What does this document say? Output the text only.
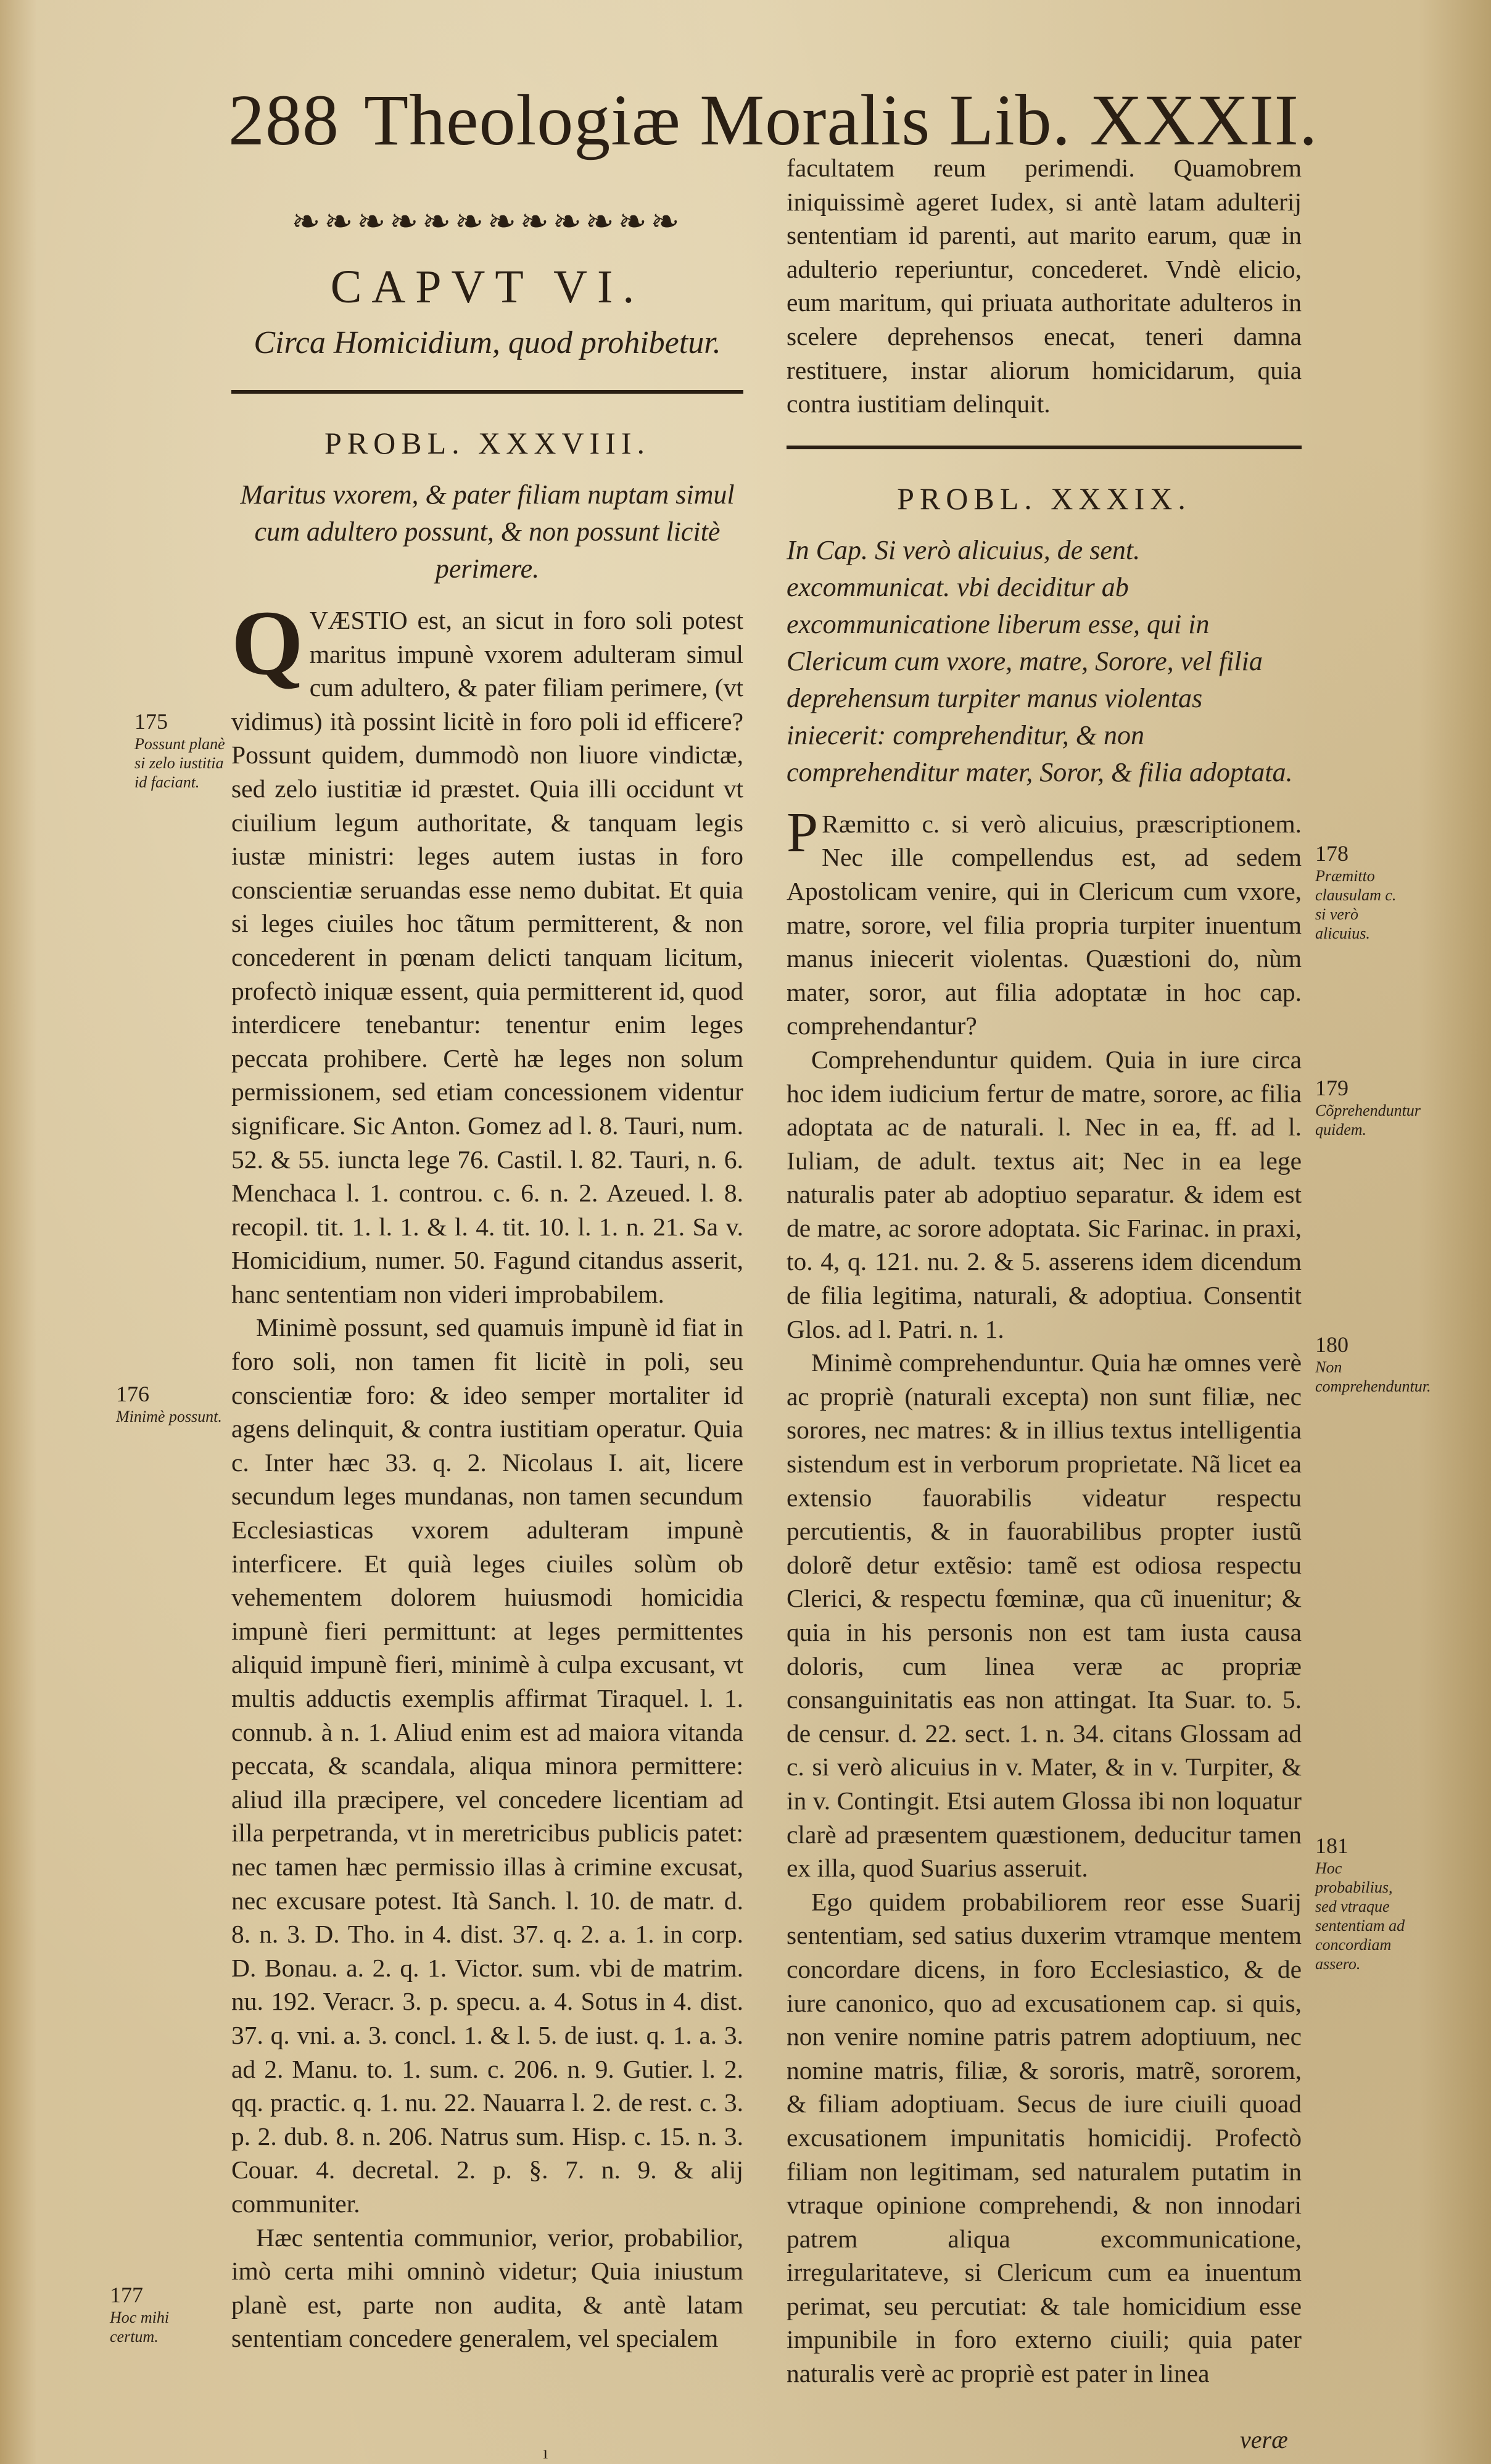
288 Theologiæ Moralis Lib. XXXII.
❧❧❧❧❧❧❧❧❧❧❧❧
CAPVT VI.
Circa Homicidium, quod prohibetur.
PROBL. XXXVIII.
Maritus vxorem, & pater filiam nuptam simul cum adultero possunt, & non possunt licitè perimere.

QVÆSTIO est, an sicut in foro soli potest maritus impunè vxorem adulteram simul cum adultero, & pater filiam perimere, (vt vidimus) ità possint licitè in foro poli id efficere? Possunt quidem, dummodò non liuore vindictæ, sed zelo iustitiæ id præstet. Quia illi occidunt vt ciuilium legum authoritate, & tanquam legis iustæ ministri: leges autem iustas in foro conscientiæ seruandas esse nemo dubitat. Et quia si leges ciuiles hoc tãtum permitterent, & non concederent in pœnam delicti tanquam licitum, profectò iniquæ essent, quia permitterent id, quod interdicere tenebantur: tenentur enim leges peccata prohibere. Certè hæ leges non solum permissionem, sed etiam concessionem videntur significare. Sic Anton. Gomez ad l. 8. Tauri, num. 52. & 55. iuncta lege 76. Castil. l. 82. Tauri, n. 6. Menchaca l. 1. controu. c. 6. n. 2. Azeued. l. 8. recopil. tit. 1. l. 1. & l. 4. tit. 10. l. 1. n. 21. Sa v. Homicidium, numer. 50. Fagund citandus asserit, hanc sententiam non videri improbabilem.

Minimè possunt, sed quamuis impunè id fiat in foro soli, non tamen fit licitè in poli, seu conscientiæ foro: & ideo semper mortaliter id agens delinquit, & contra iustitiam operatur. Quia c. Inter hæc 33. q. 2. Nicolaus I. ait, licere secundum leges mundanas, non tamen secundum Ecclesiasticas vxorem adulteram impunè interficere. Et quià leges ciuiles solùm ob vehementem dolorem huiusmodi homicidia impunè fieri permittunt: at leges permittentes aliquid impunè fieri, minimè à culpa excusant, vt multis adductis exemplis affirmat Tiraquel. l. 1. connub. à n. 1. Aliud enim est ad maiora vitanda peccata, & scandala, aliqua minora permittere: aliud illa præcipere, vel concedere licentiam ad illa perpetranda, vt in meretricibus publicis patet: nec tamen hæc permissio illas à crimine excusat, nec excusare potest. Ità Sanch. l. 10. de matr. d. 8. n. 3. D. Tho. in 4. dist. 37. q. 2. a. 1. in corp. D. Bonau. a. 2. q. 1. Victor. sum. vbi de matrim. nu. 192. Veracr. 3. p. specu. a. 4. Sotus in 4. dist. 37. q. vni. a. 3. concl. 1. & l. 5. de iust. q. 1. a. 3. ad 2. Manu. to. 1. sum. c. 206. n. 9. Gutier. l. 2. qq. practic. q. 1. nu. 22. Nauarra l. 2. de rest. c. 3. p. 2. dub. 8. n. 206. Natrus sum. Hisp. c. 15. n. 3. Couar. 4. decretal. 2. p. §. 7. n. 9. & alij communiter.

Hæc sententia communior, verior, probabilior, imò certa mihi omninò videtur; Quia iniustum planè est, parte non audita, & antè latam sententiam concedere generalem, vel specialem

facultatem reum perimendi. Quamobrem iniquissimè ageret Iudex, si antè latam adulterij sententiam id parenti, aut marito earum, quæ in adulterio reperiuntur, concederet. Vndè elicio, eum maritum, qui priuata authoritate adulteros in scelere deprehensos enecat, teneri damna restituere, instar aliorum homicidarum, quia contra iustitiam delinquit.

PROBL. XXXIX.
In Cap. Si verò alicuius, de sent. excommunicat. vbi deciditur ab excommunicatione liberum esse, qui in Clericum cum vxore, matre, Sorore, vel filia deprehensum turpiter manus violentas iniecerit: comprehenditur, & non comprehenditur mater, Soror, & filia adoptata.

P Ræmitto c. si verò alicuius, præscriptionem. Nec ille compellendus est, ad sedem Apostolicam venire, qui in Clericum cum vxore, matre, sorore, vel filia propria turpiter inuentum manus iniecerit violentas. Quæstioni do, nùm mater, soror, aut filia adoptatæ in hoc cap. comprehendantur?

Comprehenduntur quidem. Quia in iure circa hoc idem iudicium fertur de matre, sorore, ac filia adoptata ac de naturali. l. Nec in ea, ff. ad l. Iuliam, de adult. textus ait; Nec in ea lege naturalis pater ab adoptiuo separatur. & idem est de matre, ac sorore adoptata. Sic Farinac. in praxi, to. 4, q. 121. nu. 2. & 5. asserens idem dicendum de filia legitima, naturali, & adoptiua. Consentit Glos. ad l. Patri. n. 1.

Minimè comprehenduntur. Quia hæ omnes verè ac propriè (naturali excepta) non sunt filiæ, nec sorores, nec matres: & in illius textus intelligentia sistendum est in verborum proprietate. Nã licet ea extensio fauorabilis videatur respectu percutientis, & in fauorabilibus propter iustũ dolorẽ detur extẽsio: tamẽ est odiosa respectu Clerici, & respectu fœminæ, qua cũ inuenitur; & quia in his personis non est tam iusta causa doloris, cum linea veræ ac propriæ consanguinitatis eas non attingat. Ita Suar. to. 5. de censur. d. 22. sect. 1. n. 34. citans Glossam ad c. si verò alicuius in v. Mater, & in v. Turpiter, & in v. Contingit. Etsi autem Glossa ibi non loquatur clarè ad præsentem quæstionem, deducitur tamen ex illa, quod Suarius asseruit.

Ego quidem probabiliorem reor esse Suarij sententiam, sed satius duxerim vtramque mentem concordare dicens, in foro Ecclesiastico, & de iure canonico, quo ad excusationem cap. si quis, non venire nomine patris patrem adoptiuum, nec nomine matris, filiæ, & sororis, matrẽ, sororem, & filiam adoptiuam. Secus de iure ciuili quoad excusationem impunitatis homicidij. Profectò filiam non legitimam, sed naturalem putatim in vtraque opinione comprehendi, & non innodari patrem aliqua excommunicatione, irregularitateve, si Clericum cum ea inuentum perimat, seu percutiat: & tale homicidium esse impunibile in foro externo ciuili; quia pater naturalis verè ac propriè est pater in linea

175
Possunt planè si zelo iustitia id faciant.
176
Minimè possunt.
177
Hoc mihi certum.
178
Præmitto clausulam c. si verò alicuius.
179
Cõprehenduntur quidem.
180
Non comprehenduntur.
181
Hoc probabilius, sed vtraque sententiam ad concordiam assero.
ı	veræ
